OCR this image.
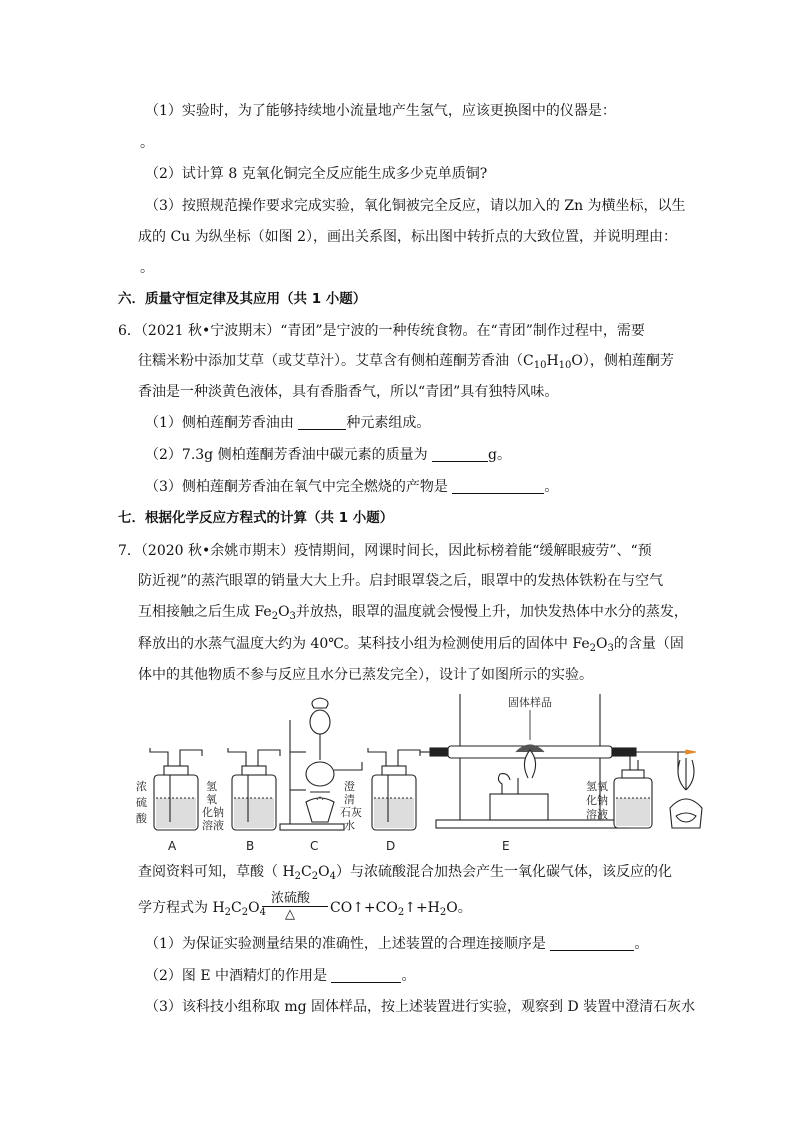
（1）实验时，为了能够持续地小流量地产生氢气，应该更换图中的仪器是：
。
（2）试计算 8 克氧化铜完全反应能生成多少克单质铜?
（3）按照规范操作要求完成实验，氧化铜被完全反应，请以加入的 Zn 为横坐标，以生
成的 Cu 为纵坐标（如图 2），画出关系图，标出图中转折点的大致位置，并说明理由：
。
六．质量守恒定律及其应用（共 1 小题）
6．（2021 秋•宁波期末）“青团”是宁波的一种传统食物。在“青团”制作过程中，需要
往糯米粉中添加艾草（或艾草汁）。艾草含有侧柏莲酮芳香油$(C_{10}H_{10}O)$，侧柏莲酮芳
香油是一种淡黄色液体，具有香脂香气，所以“青团”具有独特风味。
（1）侧柏莲酮芳香油由	种元素组成。
（2）7.3g 侧柏莲酮芳香油中碳元素的质量为	g。
（3）侧柏莲酮芳香油在氧气中完全燃烧的产物是	。
七．根据化学反应方程式的计算（共 1 小题）
7．（2020 秋•余姚市期末）疫情期间，网课时间长，因此标榜着能“缓解眼疲劳”、“预
防近视”的蒸汽眼罩的销量大大上升。启封眼罩袋之后，眼罩中的发热体铁粉在与空气
互相接触之后生成 $Fe_2O_3$并放热，眼罩的温度就会慢慢上升，加快发热体中水分的蒸发，
释放出的水蒸气温度大约为 40℃。某科技小组为检测使用后的固体中 $Fe_2O_3$的含量（固
体中的其他物质不参与反应且水分已蒸发完全），设计了如图所示的实验。
浓
硫
酸
氢
氧
化钠
溶液
澄
清
石灰
水
固体样品
氢氧
化钠
溶液
A	B	C	D	E
查阅资料可知，草酸（ $H_2C_2O_4$）与浓硫酸混合加热会产生一氧化碳气体，该反应的化
浓硫酸
△
学方程式为 $H_2C_2O_4$	$CO↑+CO_2↑+H_2O$。
（1）为保证实验测量结果的准确性，上述装置的合理连接顺序是	。
（2）图 E 中酒精灯的作用是	。
（3）该科技小组称取 mg 固体样品，按上述装置进行实验，观察到 D 装置中澄清石灰水
